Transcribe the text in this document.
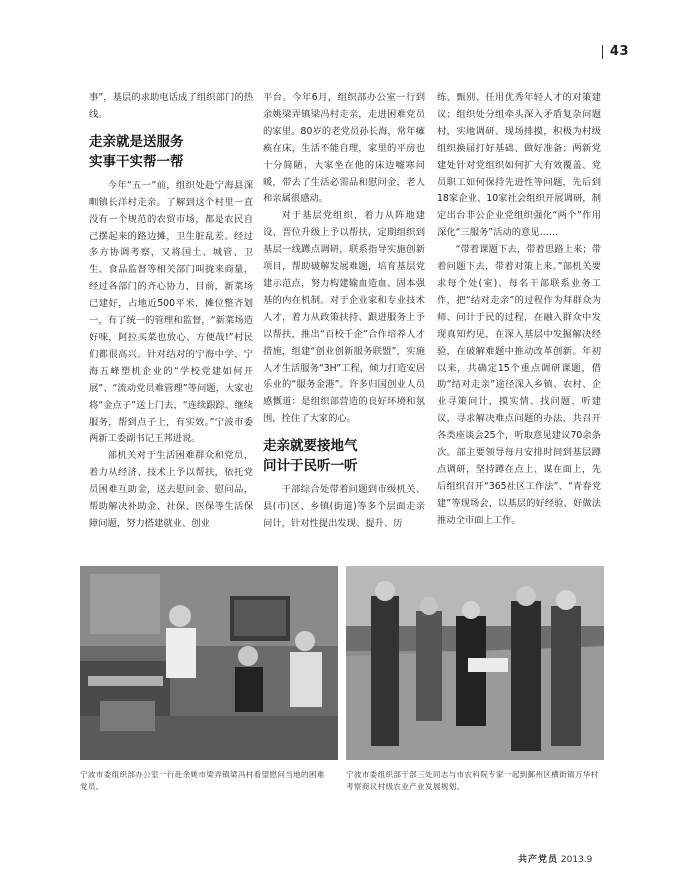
43

事”，基层的求助电话成了组织部门的热线。

走亲就是送服务
实事干实帮一帮

今年“五一”前，组织处赴宁海县深甽镇长洋村走亲。了解到这个村里一直没有一个规范的农贸市场，都是农民自己摆起来的路边摊，卫生脏乱差。经过多方协调考察，又将国土、城管、卫生、食品监督等相关部门叫拢来商量，经过各部门的齐心协力，目前，新菜场已建好，占地近500平米，摊位整齐划一，有了统一的管理和监督，“新菜场造好唻，阿拉买菜也放心、方便哉!”村民们都很高兴。针对结对的宁海中学、宁海五峰塑机企业的“学校党建如何开展”、“流动党员难管理”等问题，大家也将“金点子”送上门去，“连续跟踪、继续服务，帮到点子上，有实效。”宁波市委两新工委副书记王邦进说。

部机关对于生活困难群众和党员，着力从经济、技术上予以帮扶，依托党员困难互助金，送去慰问金、慰问品，帮助解决补助金、社保、医保等生活保障问题，努力搭建就业、创业

平台。今年6月，组织部办公室一行到余姚梁弄镇梁冯村走亲，走进困难党员的家里。80岁的老党员孙长海，常年瘫痪在床，生活不能自理，家里的平房也十分简陋，大家坐在他的床边嘘寒问暖，带去了生活必需品和慰问金，老人和亲属很感动。

对于基层党组织，着力从阵地建设、晋位升级上予以帮扶，定期组织到基层一线蹲点调研，联系指导实施创新项目，帮助破解发展难题，培育基层党建示范点，努力构建输血造血、固本强基的内在机制。对于企业家和专业技术人才，着力从政策扶持、跟进服务上予以帮扶，推出“百校千企”合作培养人才措施，组建“创业创新服务联盟”，实施人才生活服务“3H”工程，倾力打造安居乐业的“服务金港”。许多归国创业人员感慨道：是组织部营造的良好环境和氛围，拴住了大家的心。

走亲就要接地气
问计于民听一听

干部综合处带着问题到市级机关、县(市)区、乡镇(街道)等多个层面走亲问计，针对性提出发现、提升、历

练、甄别、任用优秀年轻人才的对策建议；组织处分组牵头深入矛盾复杂问题村，实地调研、现场排摸，积极为村级组织换届打好基础、做好准备；两新党建处针对党组织如何扩大有效覆盖、党员职工如何保持先进性等问题，先后到18家企业、10家社会组织开展调研，制定出台非公企业党组织强化“两个”作用深化“三服务”活动的意见……

“带着课题下去，带着思路上来；带着问题下去，带着对策上来。”部机关要求每个处(室)、每名干部联系业务工作，把“结对走亲”的过程作为拜群众为师、问计于民的过程，在融入群众中发现真知灼见，在深入基层中发掘解决经验，在破解难题中推动改革创新。年初以来，共确定15个重点调研课题，借助“结对走亲”途径深入乡镇、农村、企业寻策问计，摸实情、找问题、听建议，寻求解决难点问题的办法，共召开各类座谈会25个，听取意见建议70余条次。部主要领导每月安排时间到基层蹲点调研，坚持蹲在点上、谋在面上，先后组织召开“365社区工作法”、“青春党建”等现场会，以基层的好经验、好做法推动全市面上工作。

宁波市委组织部办公室一行赴余姚市梁弄镇梁冯村看望慰问当地的困难党员。
宁波市委组织部干部三处同志与市农科院专家一起到鄞州区横街镇万华村考察商议村级农业产业发展规划。
共产党员 2013.9
